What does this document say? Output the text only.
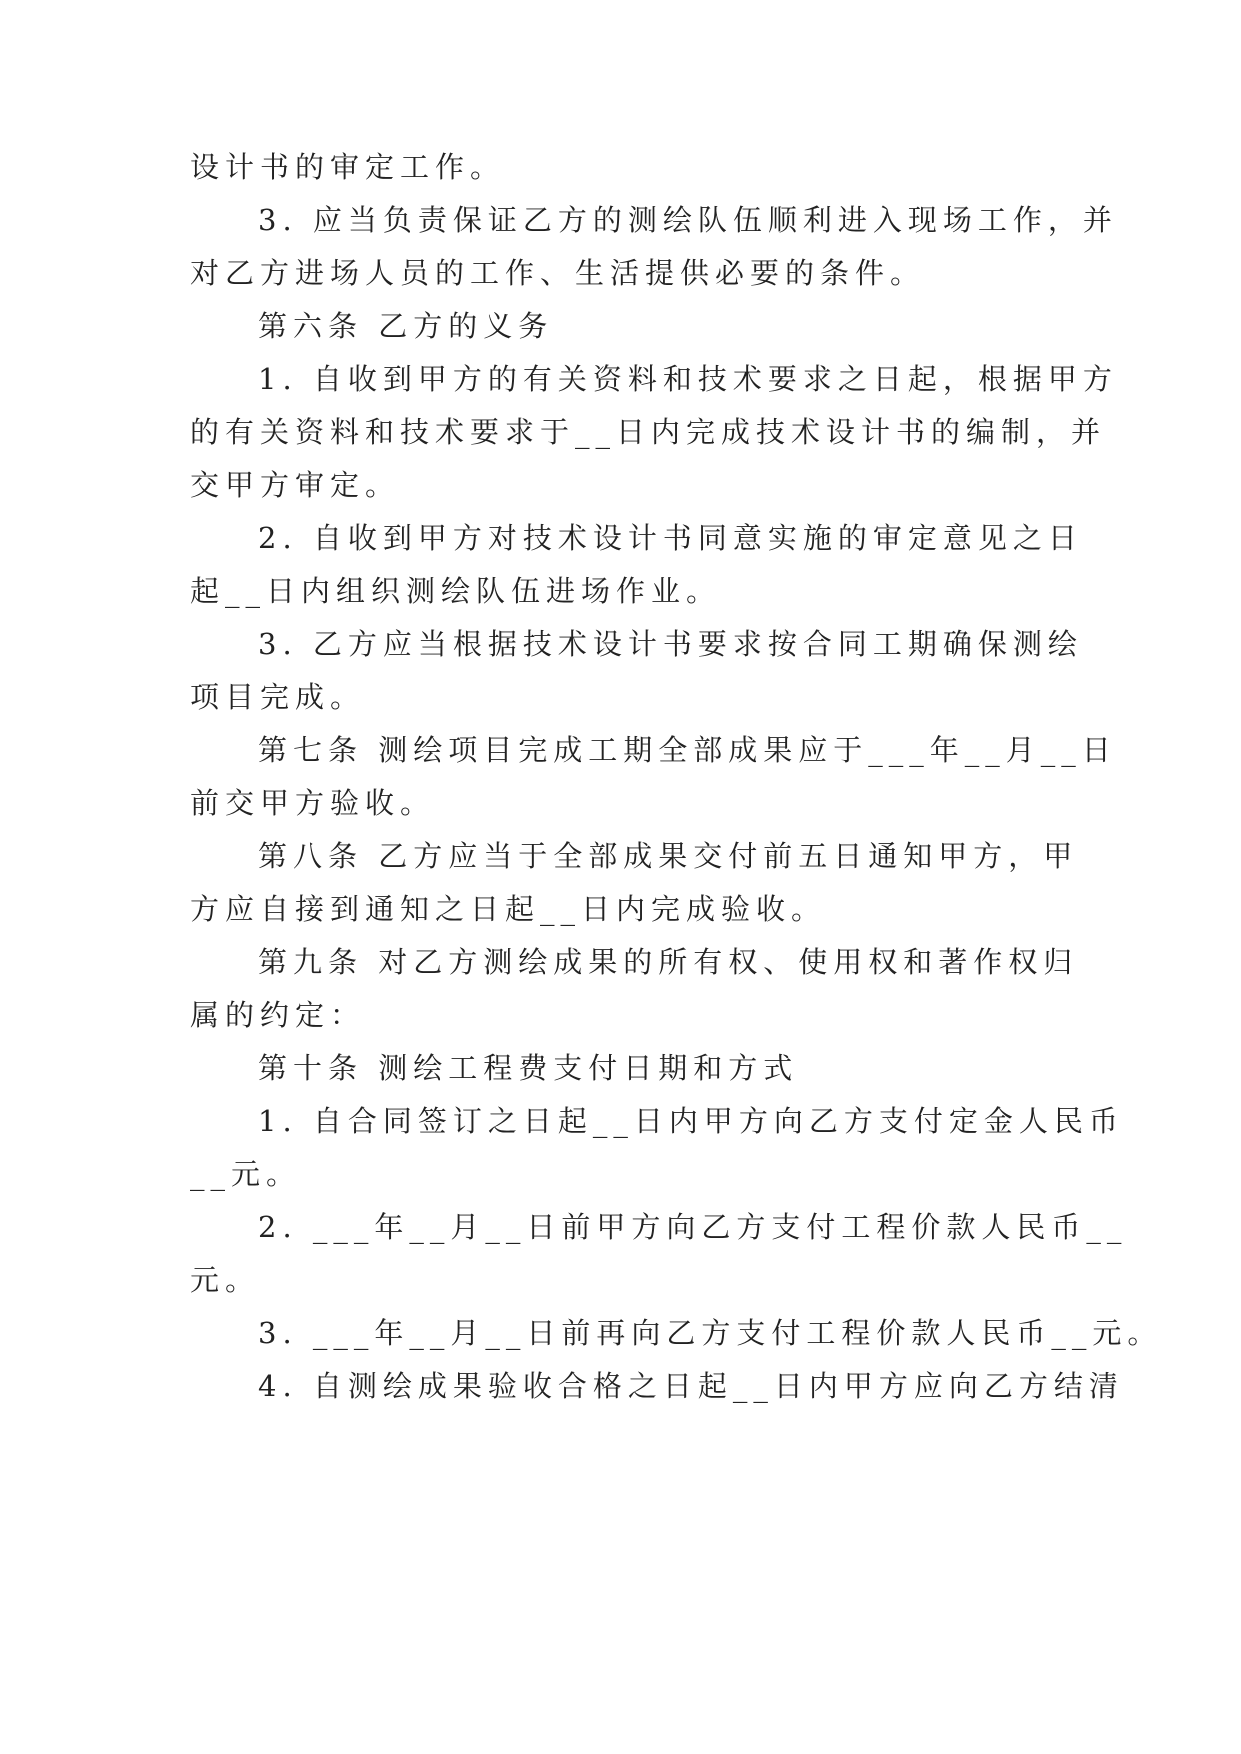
设计书的审定工作。
3. 应当负责保证乙方的测绘队伍顺利进入现场工作，并
对乙方进场人员的工作、生活提供必要的条件。
第六条 乙方的义务
1. 自收到甲方的有关资料和技术要求之日起，根据甲方
的有关资料和技术要求于__日内完成技术设计书的编制，并
交甲方审定。
2. 自收到甲方对技术设计书同意实施的审定意见之日
起__日内组织测绘队伍进场作业。
3. 乙方应当根据技术设计书要求按合同工期确保测绘
项目完成。
第七条 测绘项目完成工期全部成果应于___年__月__日
前交甲方验收。
第八条 乙方应当于全部成果交付前五日通知甲方，甲
方应自接到通知之日起__日内完成验收。
第九条 对乙方测绘成果的所有权、使用权和著作权归
属的约定：
第十条 测绘工程费支付日期和方式
1. 自合同签订之日起__日内甲方向乙方支付定金人民币
__元。
2. ___年__月__日前甲方向乙方支付工程价款人民币__
元。
3. ___年__月__日前再向乙方支付工程价款人民币__元。
4. 自测绘成果验收合格之日起__日内甲方应向乙方结清
